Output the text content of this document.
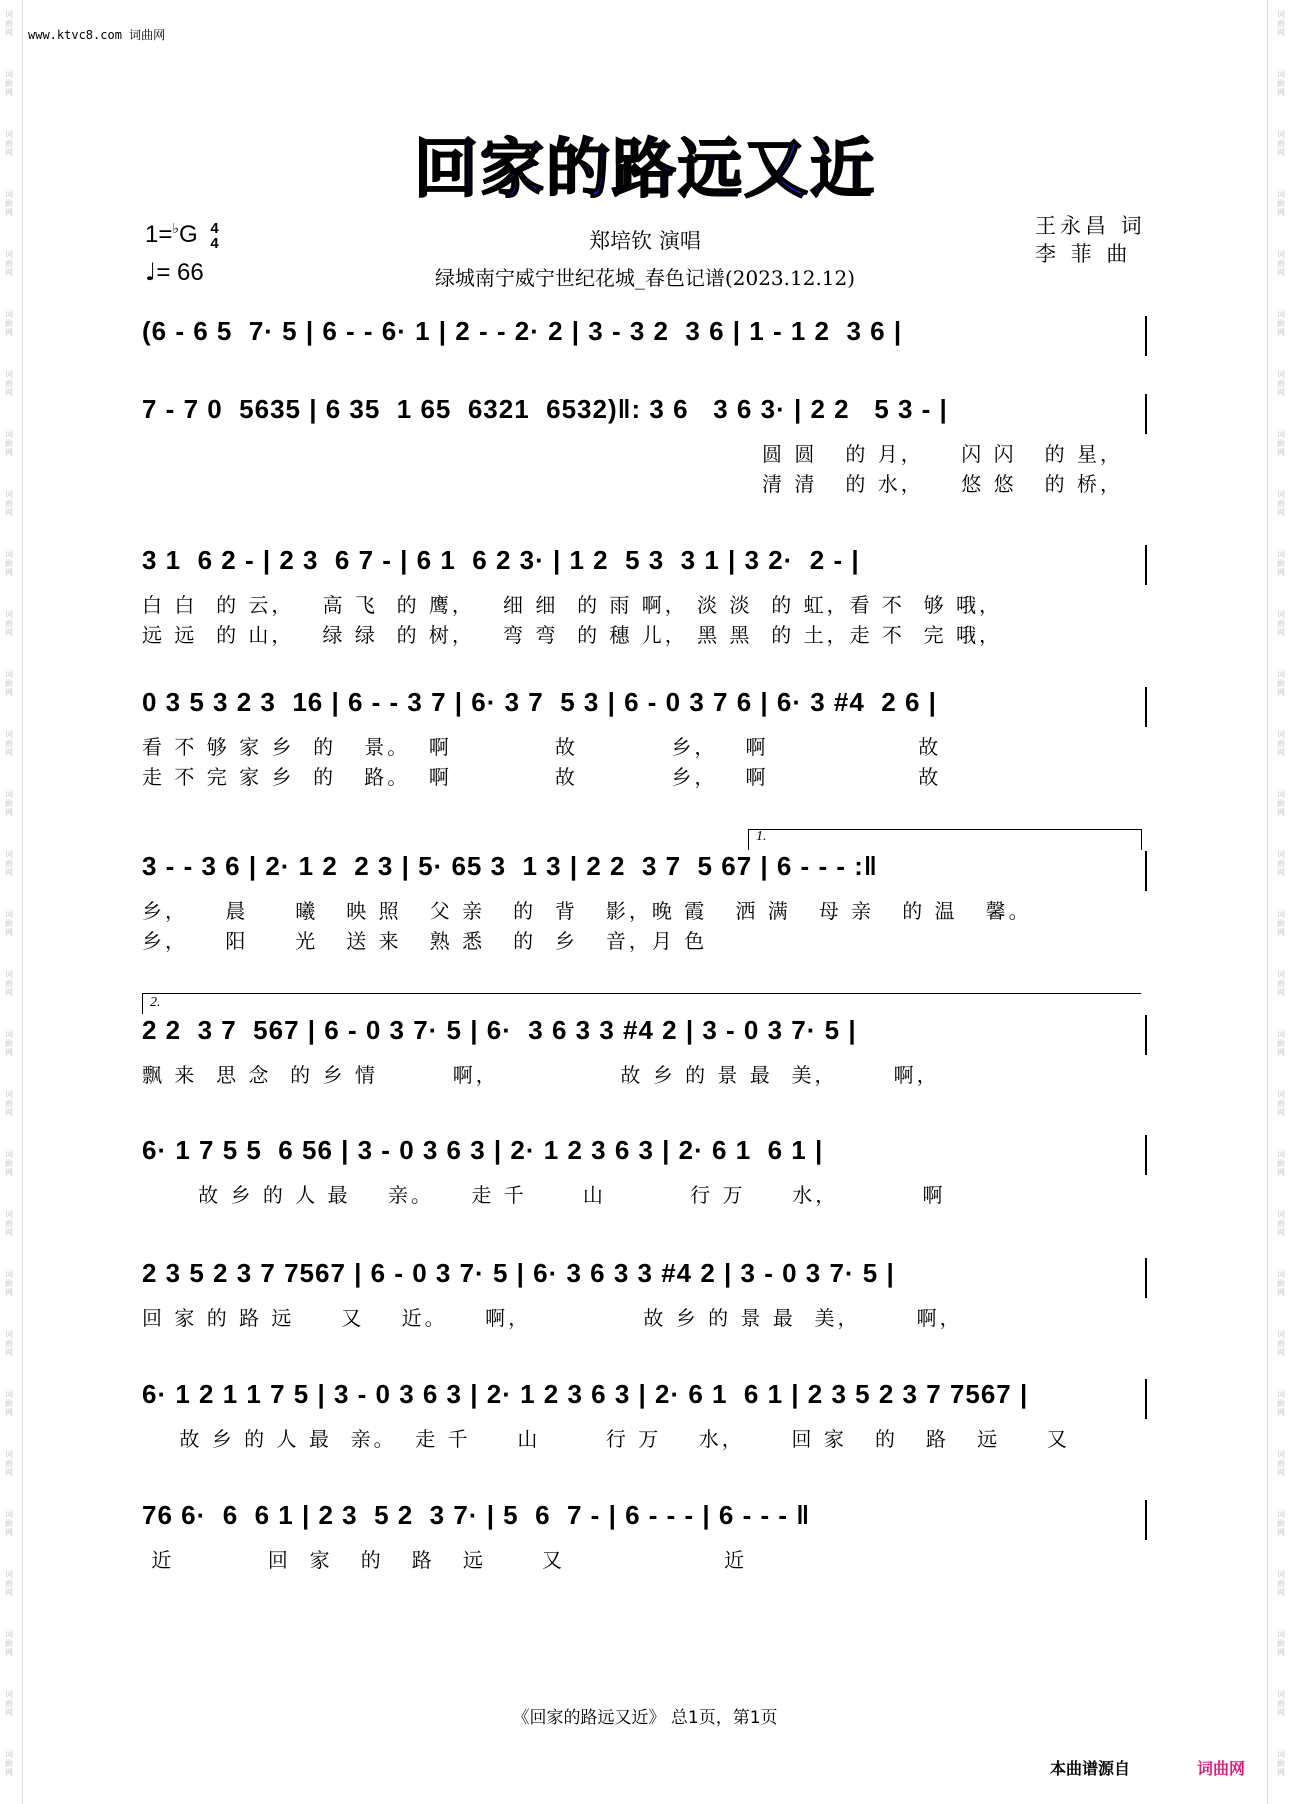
词
曲
网
词
曲
网
词
曲
网
词
曲
网
词
曲
网
词
曲
网
词
曲
网
词
曲
网
词
曲
网
词
曲
网
词
曲
网
词
曲
网
词
曲
网
词
曲
网
词
曲
网
词
曲
网
词
曲
网
词
曲
网
词
曲
网
词
曲
网
词
曲
网
词
曲
网
词
曲
网
词
曲
网
词
曲
网
词
曲
网
词
曲
网
词
曲
网
词
曲
网
词
曲
网
词
曲
网
词
曲
网
词
曲
网
词
曲
网
词
曲
网
词
曲
网
词
曲
网
词
曲
网
词
曲
网
词
曲
网
词
曲
网
词
曲
网
词
曲
网
词
曲
网
词
曲
网
词
曲
网
词
曲
网
词
曲
网
词
曲
网
词
曲
网
词
曲
网
词
曲
网
词
曲
网
词
曲
网
词
曲
网
词
曲
网
词
曲
网
词
曲
网
词
曲
网
词
曲
网
www.ktvc8.com 词曲网
回家的路远又近
1=♭G 4
4
♩= 66
郑培钦 演唱
绿城南宁威宁世纪花城_春色记谱(2023.12.12)
王永昌 词
李 菲 曲
(6 - 6 5  7· 5 | 6 - - 6· 1 | 2 - - 2· 2 | 3 - 3 2  3 6 | 1 - 1 2  3 6 |
7 - 7 0  5635 | 6 35  1 65  6321  6532)‖: 3 6   3 6 3· | 2 2   5 3 - |
圆 圆   的 月，    闪 闪   的 星，
清 清   的 水，    悠 悠   的 桥，
3 1  6 2 - | 2 3  6 7 - | 6 1  6 2 3· | 1 2  5 3  3 1 | 3 2·  2 - |
白 白  的 云，   高 飞  的 鹰，   细 细  的 雨 啊， 淡 淡  的 虹，看 不  够 哦，
远 远  的 山，   绿 绿  的 树，   弯 弯  的 穗 儿， 黑 黑  的 土，走 不  完 哦，
0 3 5 3 2 3  16 | 6 - - 3 7 | 6· 3 7  5 3 | 6 - 0 3 7 6 | 6· 3 #4  2 6 |
看 不 够 家 乡  的   景。  啊           故          乡，   啊                故
走 不 完 家 乡  的   路。  啊           故          乡，   啊                故
3 - - 3 6 | 2· 1 2  2 3 | 5· 65 3  1 3 | 2 2  3 7  5 67 | 6 - - - :‖
1.
乡，    晨     曦   映 照   父 亲   的  背   影，晚 霞   洒 满   母 亲   的 温   馨。
乡，    阳     光   送 来   熟 悉   的  乡   音，月 色
2 2  3 7  567 | 6 - 0 3 7· 5 | 6·  3 6 3 3 #4 2 | 3 - 0 3 7· 5 |
2.
飘 来  思 念  的 乡 情        啊，             故 乡 的 景 最  美，      啊，
6· 1 7 5 5  6 56 | 3 - 0 3 6 3 | 2· 1 2 3 6 3 | 2· 6 1  6 1 |
故 乡 的 人 最    亲。    走 千      山         行 万     水，         啊
2 3 5 2 3 7 7567 | 6 - 0 3 7· 5 | 6· 3 6 3 3 #4 2 | 3 - 0 3 7· 5 |
回 家 的 路 远     又    近。    啊，            故 乡 的 景 最  美，      啊，
6· 1 2 1 1 7 5 | 3 - 0 3 6 3 | 2· 1 2 3 6 3 | 2· 6 1  6 1 | 2 3 5 2 3 7 7567 |
故 乡 的 人 最  亲。  走 千     山       行 万    水，     回 家   的   路   远     又
76 6·  6  6 1 | 2 3  5 2  3 7· | 5  6  7 - | 6 - - - | 6 - - - ‖
近          回  家   的   路   远      又                 近
《回家的路远又近》 总1页，第1页
本曲谱源自	词曲网
